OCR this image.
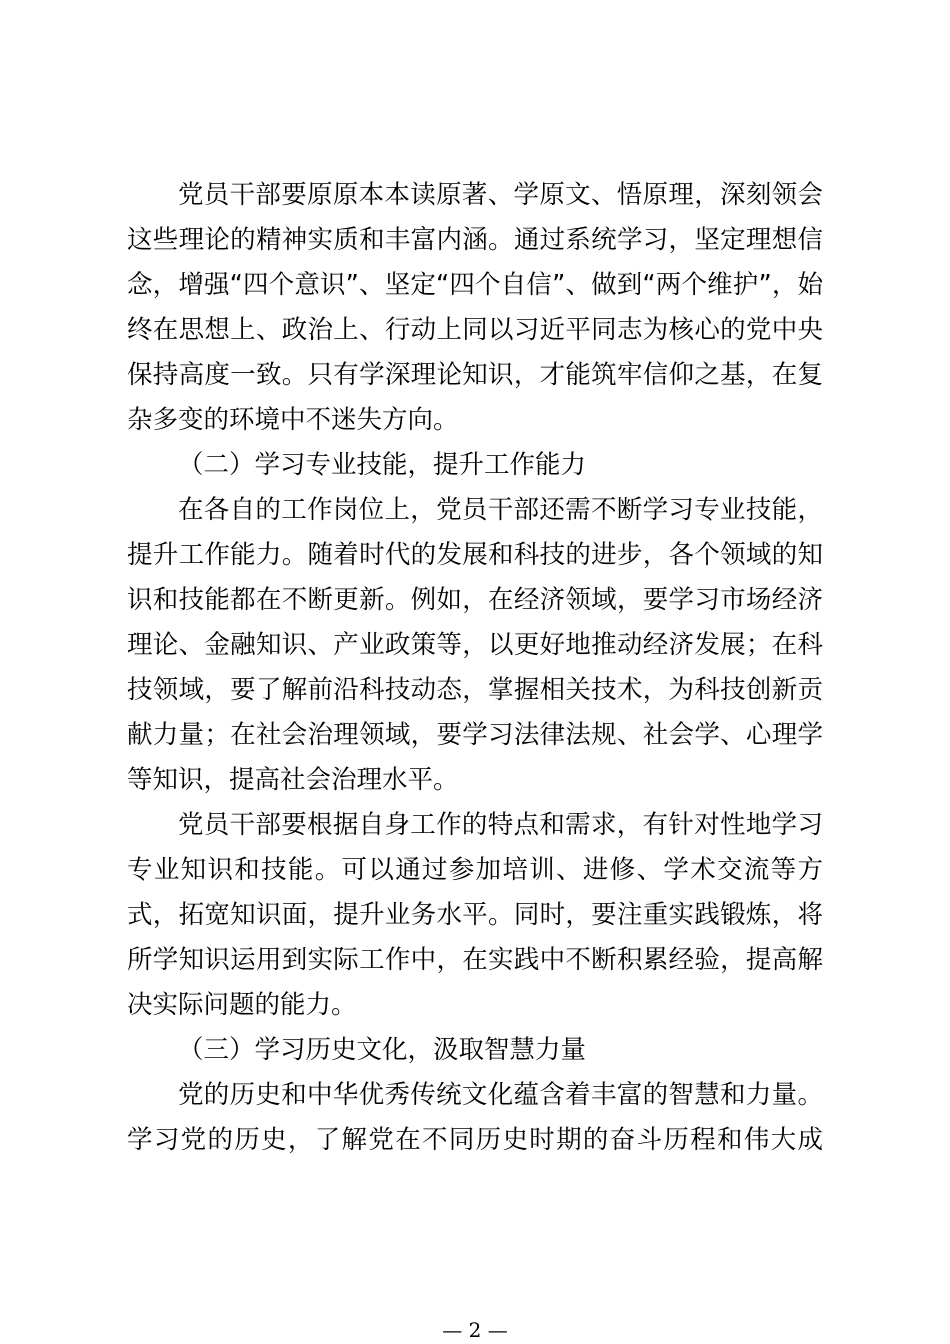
党员干部要原原本本读原著、学原文、悟原理，深刻领会
这些理论的精神实质和丰富内涵。通过系统学习，坚定理想信
念，增强“四个意识”、坚定“四个自信”、做到“两个维护”，始
终在思想上、政治上、行动上同以习近平同志为核心的党中央
保持高度一致。只有学深理论知识，才能筑牢信仰之基，在复
杂多变的环境中不迷失方向。
（二）学习专业技能，提升工作能力
在各自的工作岗位上，党员干部还需不断学习专业技能，
提升工作能力。随着时代的发展和科技的进步，各个领域的知
识和技能都在不断更新。例如，在经济领域，要学习市场经济
理论、金融知识、产业政策等，以更好地推动经济发展；在科
技领域，要了解前沿科技动态，掌握相关技术，为科技创新贡
献力量；在社会治理领域，要学习法律法规、社会学、心理学
等知识，提高社会治理水平。
党员干部要根据自身工作的特点和需求，有针对性地学习
专业知识和技能。可以通过参加培训、进修、学术交流等方
式，拓宽知识面，提升业务水平。同时，要注重实践锻炼，将
所学知识运用到实际工作中，在实践中不断积累经验，提高解
决实际问题的能力。
（三）学习历史文化，汲取智慧力量
党的历史和中华优秀传统文化蕴含着丰富的智慧和力量。
学习党的历史，了解党在不同历史时期的奋斗历程和伟大成
— 2 —
